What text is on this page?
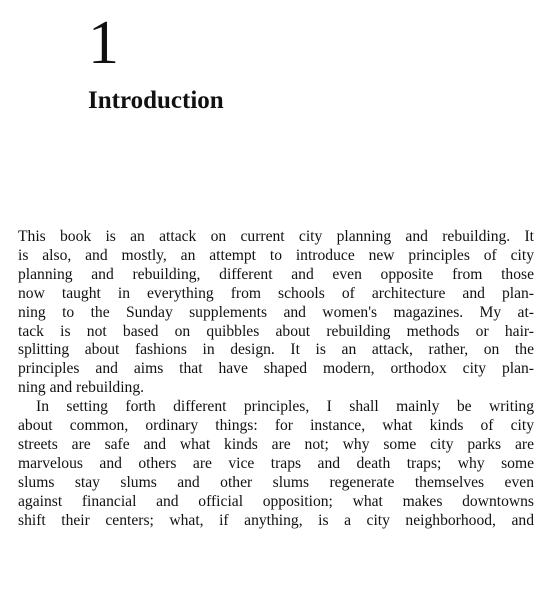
1
Introduction
This book is an attack on current city planning and rebuilding. It
is also, and mostly, an attempt to introduce new principles of city
planning and rebuilding, different and even opposite from those
now taught in everything from schools of architecture and plan-
ning to the Sunday supplements and women's magazines. My at-
tack is not based on quibbles about rebuilding methods or hair-
splitting about fashions in design. It is an attack, rather, on the
principles and aims that have shaped modern, orthodox city plan-
ning and rebuilding.
In setting forth different principles, I shall mainly be writing
about common, ordinary things: for instance, what kinds of city
streets are safe and what kinds are not; why some city parks are
marvelous and others are vice traps and death traps; why some
slums stay slums and other slums regenerate themselves even
against financial and official opposition; what makes downtowns
shift their centers; what, if anything, is a city neighborhood, and
